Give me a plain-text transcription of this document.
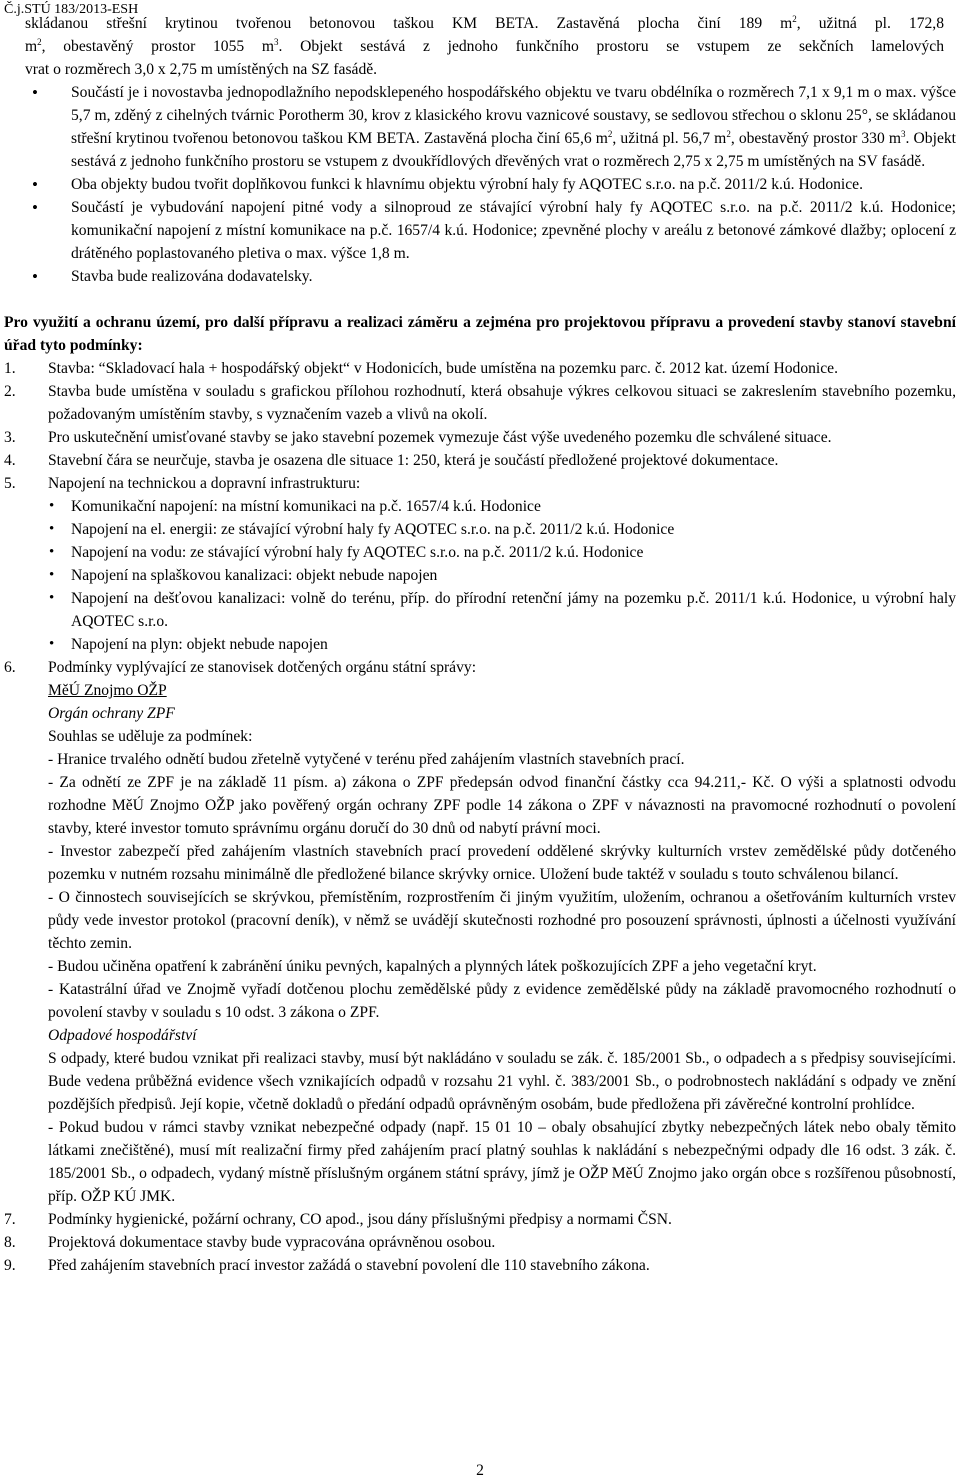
Č.j.STÚ 183/2013-ESH
skládanou střešní krytinou tvořenou betonovou taškou KM BETA. Zastavěná plocha činí 189 $m^2$, užitná pl. 172,8
$m^2$, obestavěný prostor 1055 $m^3$. Objekt sestává z jednoho funkčního prostoru se vstupem ze sekčních lamelových
vrat o rozměrech 3,0 x 2,75 m umístěných na SZ fasádě.
• Součástí je i novostavba jednopodlažního nepodsklepeného hospodářského objektu ve tvaru obdélníka o rozměrech 7,1 x 9,1 m o max. výšce 5,7 m, zděný z cihelných tvárnic Porotherm 30, krov z klasického krovu vaznicové soustavy, se sedlovou střechou o sklonu 25°, se skládanou střešní krytinou tvořenou betonovou taškou KM BETA. Zastavěná plocha činí 65,6 $m^2$, užitná pl. 56,7 $m^2$, obestavěný prostor 330 $m^3$. Objekt sestává z jednoho funkčního prostoru se vstupem z dvoukřídlových dřevěných vrat o rozměrech 2,75 x 2,75 m umístěných na SV fasádě.
• Oba objekty budou tvořit doplňkovou funkci k hlavnímu objektu výrobní haly fy AQOTEC s.r.o. na p.č. 2011/2 k.ú. Hodonice.
• Součástí je vybudování napojení pitné vody a silnoproud ze stávající výrobní haly fy AQOTEC s.r.o. na p.č. 2011/2 k.ú. Hodonice; komunikační napojení z místní komunikace na p.č. 1657/4 k.ú. Hodonice; zpevněné plochy v areálu z betonové zámkové dlažby; oplocení z drátěného poplastovaného pletiva o max. výšce 1,8 m.
• Stavba bude realizována dodavatelsky.
Pro využití a ochranu území, pro další přípravu a realizaci záměru a zejména pro projektovou přípravu a provedení stavby stanoví stavební úřad tyto podmínky:
1. Stavba: “Skladovací hala + hospodářský objekt“ v Hodonicích, bude umístěna na pozemku parc. č. 2012 kat. území Hodonice.
2. Stavba bude umístěna v souladu s grafickou přílohou rozhodnutí, která obsahuje výkres celkovou situaci se zakreslením stavebního pozemku, požadovaným umístěním stavby, s vyznačením vazeb a vlivů na okolí.
3. Pro uskutečnění umisťované stavby se jako stavební pozemek vymezuje část výše uvedeného pozemku dle schválené situace.
4. Stavební čára se neurčuje, stavba je osazena dle situace 1: 250, která je součástí předložené projektové dokumentace.
5. Napojení na technickou a dopravní infrastrukturu:
• Komunikační napojení: na místní komunikaci na p.č. 1657/4 k.ú. Hodonice
• Napojení na el. energii: ze stávající výrobní haly fy AQOTEC s.r.o. na p.č. 2011/2 k.ú. Hodonice
• Napojení na vodu: ze stávající výrobní haly fy AQOTEC s.r.o. na p.č. 2011/2 k.ú. Hodonice
• Napojení na splaškovou kanalizaci: objekt nebude napojen
• Napojení na dešťovou kanalizaci: volně do terénu, příp. do přírodní retenční jámy na pozemku p.č. 2011/1 k.ú. Hodonice, u výrobní haly AQOTEC s.r.o.
• Napojení na plyn: objekt nebude napojen
6. Podmínky vyplývající ze stanovisek dotčených orgánu státní správy:
MěÚ Znojmo OŽP
Orgán ochrany ZPF
Souhlas se uděluje za podmínek:
- Hranice trvalého odnětí budou zřetelně vytyčené v terénu před zahájením vlastních stavebních prací.
- Za odnětí ze ZPF je na základě 11 písm. a) zákona o ZPF předepsán odvod finanční částky cca 94.211,- Kč. O výši a splatnosti odvodu rozhodne MěÚ Znojmo OŽP jako pověřený orgán ochrany ZPF podle 14 zákona o ZPF v návaznosti na pravomocné rozhodnutí o povolení stavby, které investor tomuto správnímu orgánu doručí do 30 dnů od nabytí právní moci.
- Investor zabezpečí před zahájením vlastních stavebních prací provedení oddělené skrývky kulturních vrstev zemědělské půdy dotčeného pozemku v nutném rozsahu minimálně dle předložené bilance skrývky ornice. Uložení bude taktéž v souladu s touto schválenou bilancí.
- O činnostech souvisejících se skrývkou, přemístěním, rozprostřením či jiným využitím, uložením, ochranou a ošetřováním kulturních vrstev půdy vede investor protokol (pracovní deník), v němž se uvádějí skutečnosti rozhodné pro posouzení správnosti, úplnosti a účelnosti využívání těchto zemin.
- Budou učiněna opatření k zabránění úniku pevných, kapalných a plynných látek poškozujících ZPF a jeho vegetační kryt.
- Katastrální úřad ve Znojmě vyřadí dotčenou plochu zemědělské půdy z evidence zemědělské půdy na základě pravomocného rozhodnutí o povolení stavby v souladu s 10 odst. 3 zákona o ZPF.
Odpadové hospodářství
S odpady, které budou vznikat při realizaci stavby, musí být nakládáno v souladu se zák. č. 185/2001 Sb., o odpadech a s předpisy souvisejícími. Bude vedena průběžná evidence všech vznikajících odpadů v rozsahu 21 vyhl. č. 383/2001 Sb., o podrobnostech nakládání s odpady ve znění pozdějších předpisů. Její kopie, včetně dokladů o předání odpadů oprávněným osobám, bude předložena při závěrečné kontrolní prohlídce.
- Pokud budou v rámci stavby vznikat nebezpečné odpady (např. 15 01 10 – obaly obsahující zbytky nebezpečných látek nebo obaly těmito látkami znečištěné), musí mít realizační firmy před zahájením prací platný souhlas k nakládání s nebezpečnými odpady dle 16 odst. 3 zák. č. 185/2001 Sb., o odpadech, vydaný místně příslušným orgánem státní správy, jímž je OŽP MěÚ Znojmo jako orgán obce s rozšířenou působností, příp. OŽP KÚ JMK.
7. Podmínky hygienické, požární ochrany, CO apod., jsou dány příslušnými předpisy a normami ČSN.
8. Projektová dokumentace stavby bude vypracována oprávněnou osobou.
9. Před zahájením stavebních prací investor zažádá o stavební povolení dle 110 stavebního zákona.
2
